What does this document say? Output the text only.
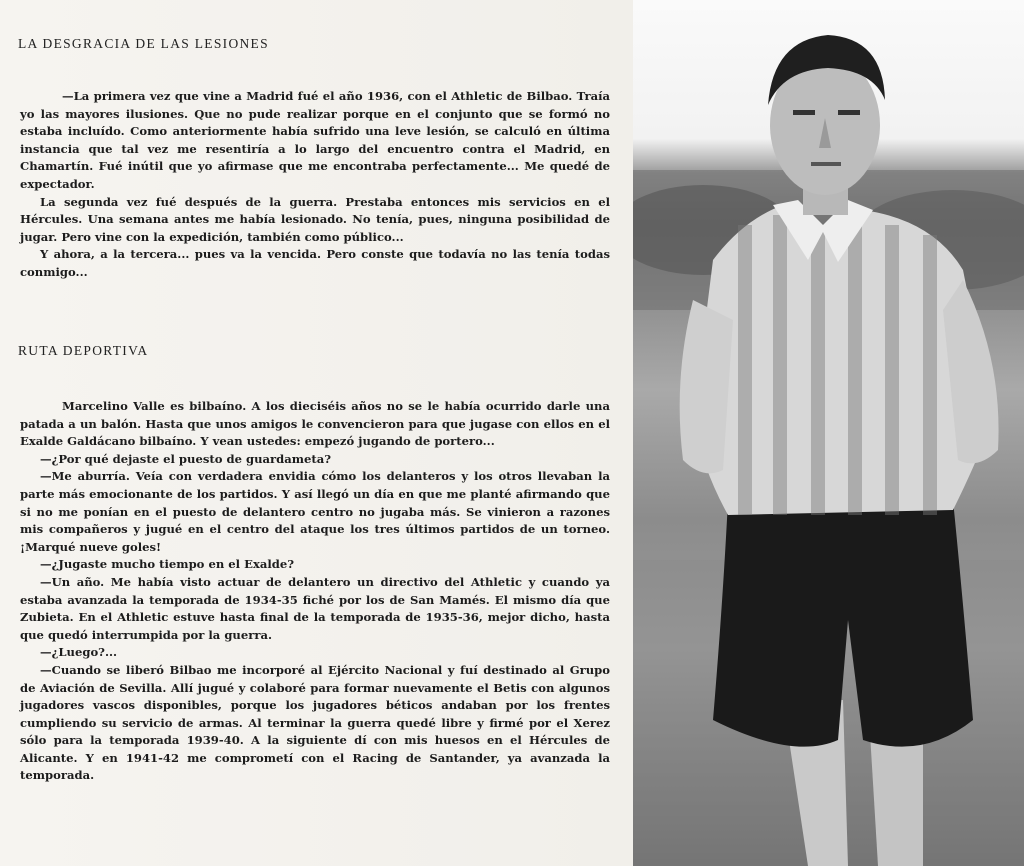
LA DESGRACIA DE LAS LESIONES

—La primera vez que vine a Madrid fué el año 1936, con el Athletic de Bilbao. Traía yo las mayores ilusiones. Que no pude realizar porque en el conjunto que se formó no estaba incluído. Como anteriormente había sufrido una leve lesión, se calculó en última instancia que tal vez me resentiría a lo largo del encuentro contra el Madrid, en Chamartín. Fué inútil que yo afirmase que me encontraba perfectamente... Me quedé de expectador.

La segunda vez fué después de la guerra. Prestaba entonces mis servicios en el Hércules. Una semana antes me había lesionado. No tenía, pues, ninguna posibilidad de jugar. Pero vine con la expedición, también como público...

Y ahora, a la tercera... pues va la vencida. Pero conste que todavía no las tenía todas conmigo...

RUTA DEPORTIVA

Marcelino Valle es bilbaíno. A los dieciséis años no se le había ocurrido darle una patada a un balón. Hasta que unos amigos le convencieron para que jugase con ellos en el Exalde Galdácano bilbaíno. Y vean ustedes: empezó jugando de portero...

—¿Por qué dejaste el puesto de guardameta?

—Me aburría. Veía con verdadera envidia cómo los delanteros y los otros llevaban la parte más emocionante de los partidos. Y así llegó un día en que me planté afirmando que si no me ponían en el puesto de delantero centro no jugaba más. Se vinieron a razones mis compañeros y jugué en el centro del ataque los tres últimos partidos de un torneo. ¡Marqué nueve goles!

—¿Jugaste mucho tiempo en el Exalde?

—Un año. Me había visto actuar de delantero un directivo del Athletic y cuando ya estaba avanzada la temporada de 1934-35 fiché por los de San Mamés. El mismo día que Zubieta. En el Athletic estuve hasta final de la temporada de 1935-36, mejor dicho, hasta que quedó interrumpida por la guerra.

—¿Luego?...

—Cuando se liberó Bilbao me incorporé al Ejército Nacional y fuí destinado al Grupo de Aviación de Sevilla. Allí jugué y colaboré para formar nuevamente el Betis con algunos jugadores vascos disponibles, porque los jugadores béticos andaban por los frentes cumpliendo su servicio de armas. Al terminar la guerra quedé libre y firmé por el Xerez sólo para la temporada 1939-40. A la siguiente dí con mis huesos en el Hércules de Alicante. Y en 1941-42 me comprometí con el Racing de Santander, ya avanzada la temporada.
